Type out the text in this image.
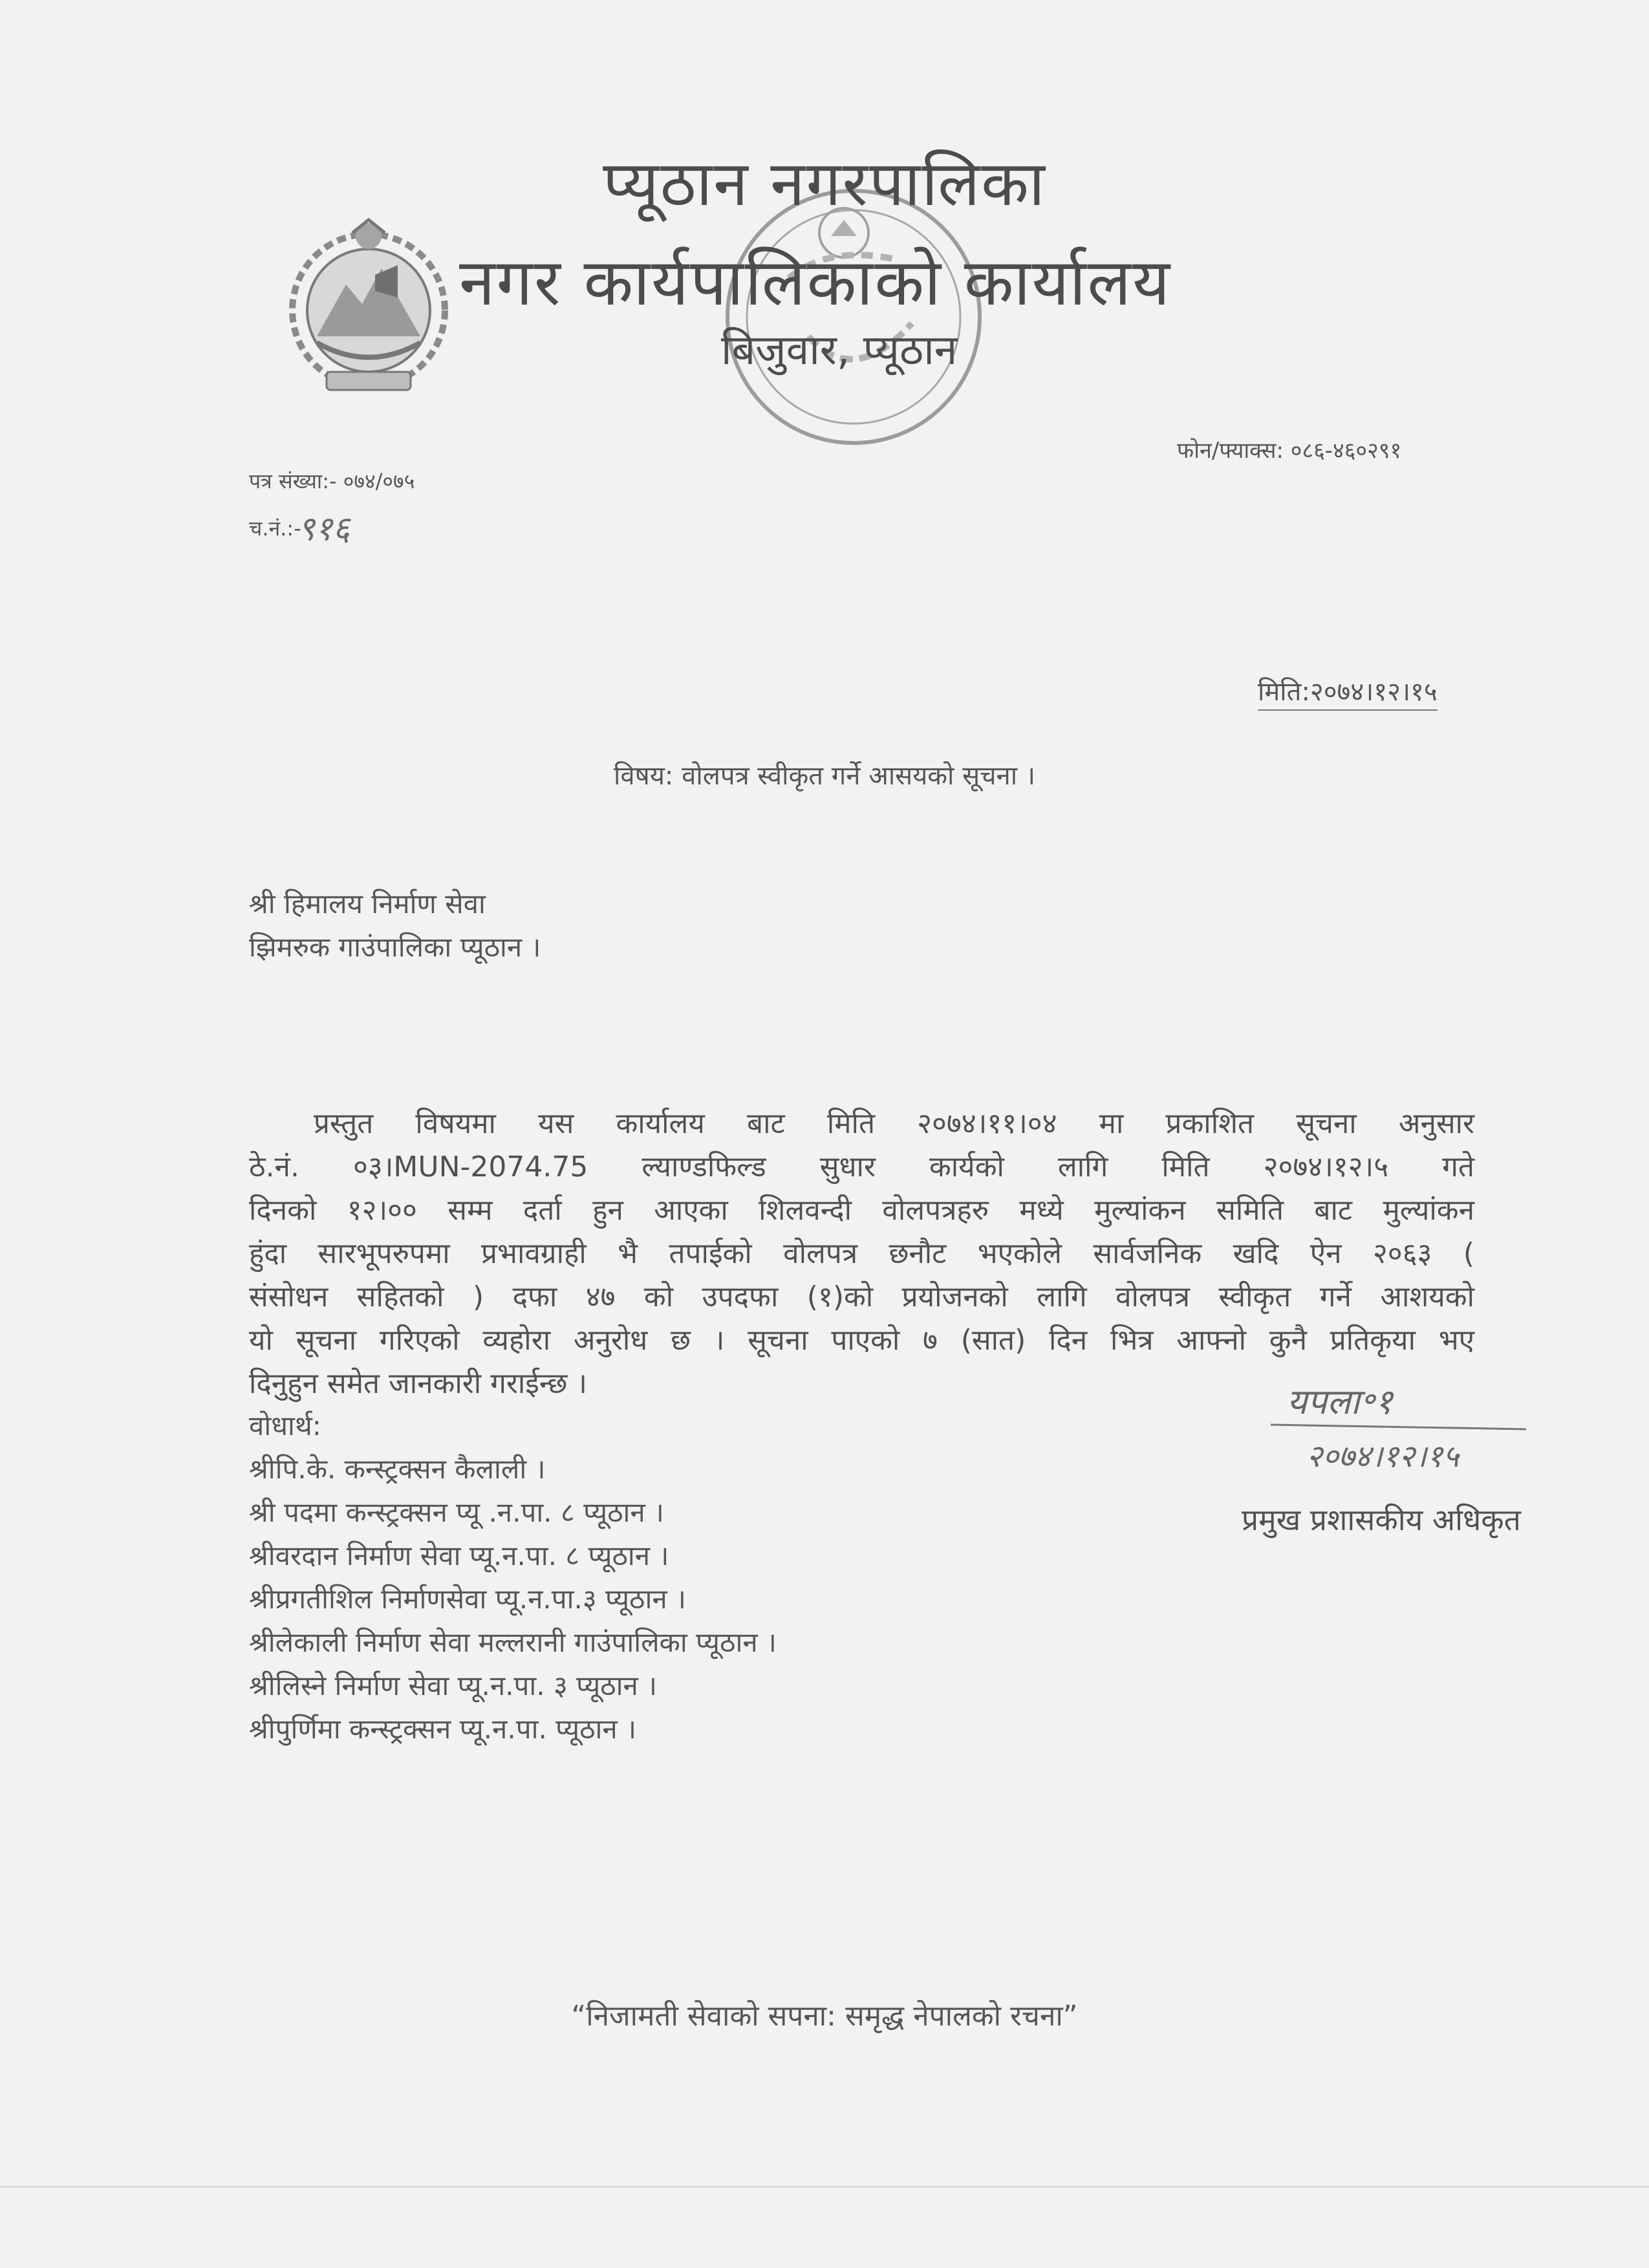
प्यूठान नगरपालिका
नगर कार्यपालिकाको कार्यालय
बिजुवार, प्यूठान
फोन/फ्याक्स: ०८६-४६०२९१
पत्र संख्या:- ०७४/०७५
च.नं.:-
९१६
मिति:२०७४।१२।१५
विषय: वोलपत्र स्वीकृत गर्ने आसयको सूचना ।
श्री हिमालय निर्माण सेवा
झिमरुक गाउंपालिका प्यूठान ।
प्रस्तुत विषयमा यस कार्यालय बाट मिति २०७४।११।०४ मा प्रकाशित सूचना अनुसार
ठे.नं. ०३।MUN-2074.75 ल्याण्डफिल्ड सुधार कार्यको लागि मिति २०७४।१२।५ गते
दिनको १२।०० सम्म दर्ता हुन आएका शिलवन्दी वोलपत्रहरु मध्ये मुल्यांकन समिति बाट मुल्यांकन
हुंदा सारभूपरुपमा प्रभावग्राही भै तपाईको वोलपत्र छनौट भएकोले सार्वजनिक खदि ऐन २०६३ (
संसोधन सहितको ) दफा ४७ को उपदफा (१)को प्रयोजनको लागि वोलपत्र स्वीकृत गर्ने आशयको
यो सूचना गरिएको व्यहोरा अनुरोध छ । सूचना पाएको ७ (सात) दिन भित्र आफ्नो कुनै प्रतिकृया भए
दिनुहुन समेत जानकारी गराईन्छ ।	यपला॰१
२०७४।१२।१५
प्रमुख प्रशासकीय अधिकृत
वोधार्थ:
श्रीपि.के. कन्स्ट्रक्सन कैलाली ।
श्री पदमा कन्स्ट्रक्सन प्यू .न.पा. ८ प्यूठान ।
श्रीवरदान निर्माण सेवा प्यू.न.पा. ८ प्यूठान ।
श्रीप्रगतीशिल निर्माणसेवा प्यू.न.पा.३ प्यूठान ।
श्रीलेकाली निर्माण सेवा मल्लरानी गाउंपालिका प्यूठान ।
श्रीलिस्ने निर्माण सेवा प्यू.न.पा. ३ प्यूठान ।
श्रीपुर्णिमा कन्स्ट्रक्सन प्यू.न.पा. प्यूठान ।
“निजामती सेवाको सपना: समृद्ध नेपालको रचना”
